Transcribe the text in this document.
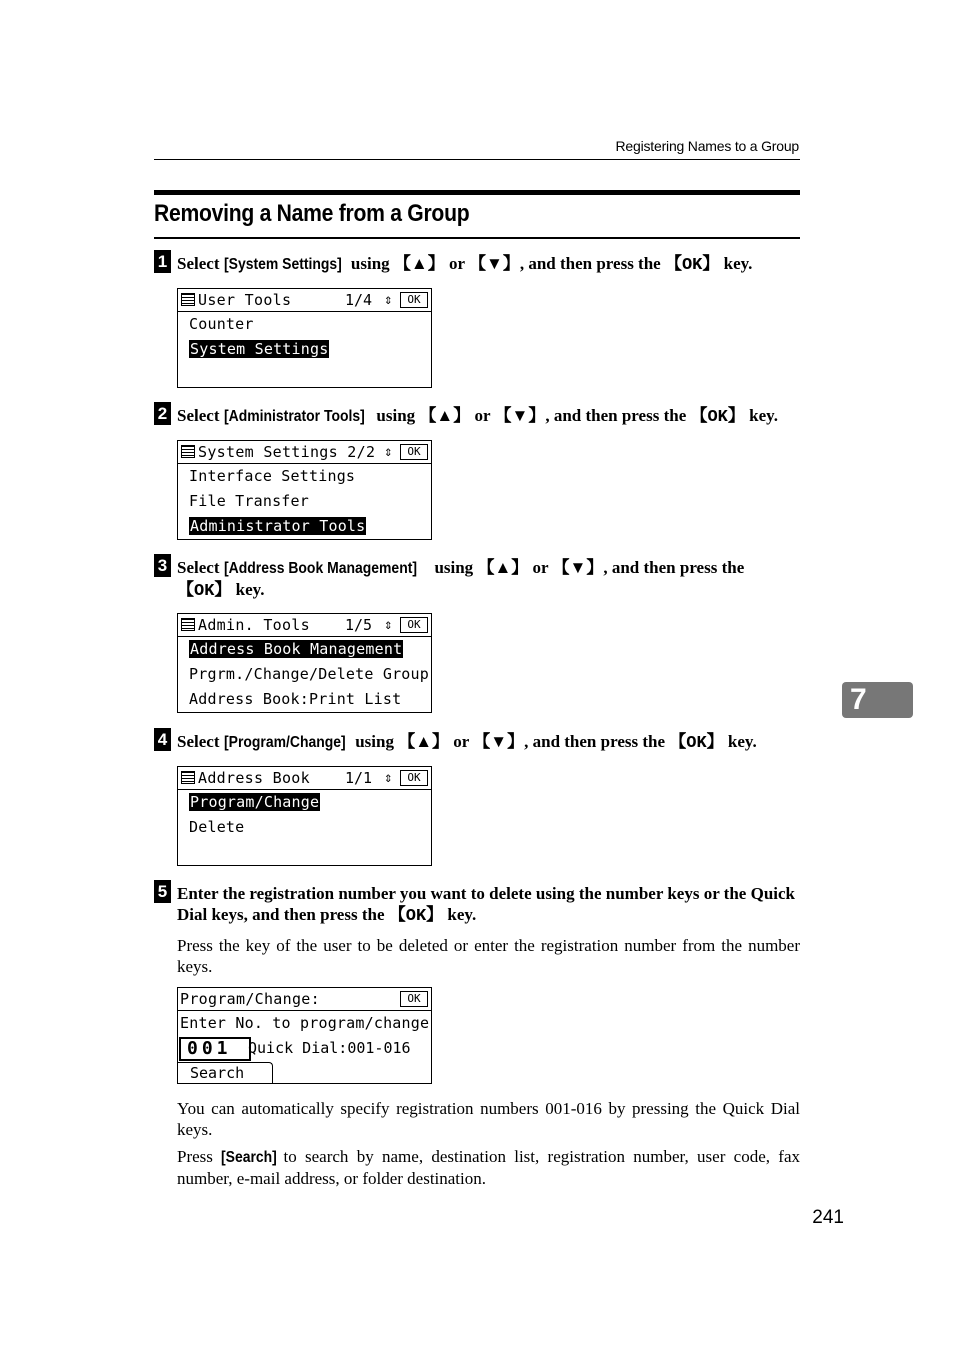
Registering Names to a Group
Removing a Name from a Group
1 Select [System Settings] using 【▲】 or 【▼】, and then press the 【OK】 key.
User Tools	1/4 ⇕	OK
Counter
System Settings
2 Select [Administrator Tools] using 【▲】 or 【▼】, and then press the 【OK】 key.
System Settings 2/2 ⇕	OK
Interface Settings
File Transfer
Administrator Tools
3 Select [Address Book Management] using 【▲】 or 【▼】, and then press the 【OK】 key.
Admin. Tools 1/5 ⇕	OK
Address Book Management
Prgrm./Change/Delete Group
Address Book:Print List
4 Select [Program/Change] using 【▲】 or 【▼】, and then press the 【OK】 key.
Address Book 1/1 ⇕	OK
Program/Change
Delete
5 Enter the registration number you want to delete using the number keys or the Quick Dial keys, and then press the 【OK】 key.
Press the key of the user to be deleted or enter the registration number from the number keys.
Program/Change:	OK
Enter No. to program/change
001	Quick Dial:001-016
Search
You can automatically specify registration numbers 001-016 by pressing the Quick Dial keys.
Press [Search] to search by name, destination list, registration number, user code, fax number, e-mail address, or folder destination.
7
241
